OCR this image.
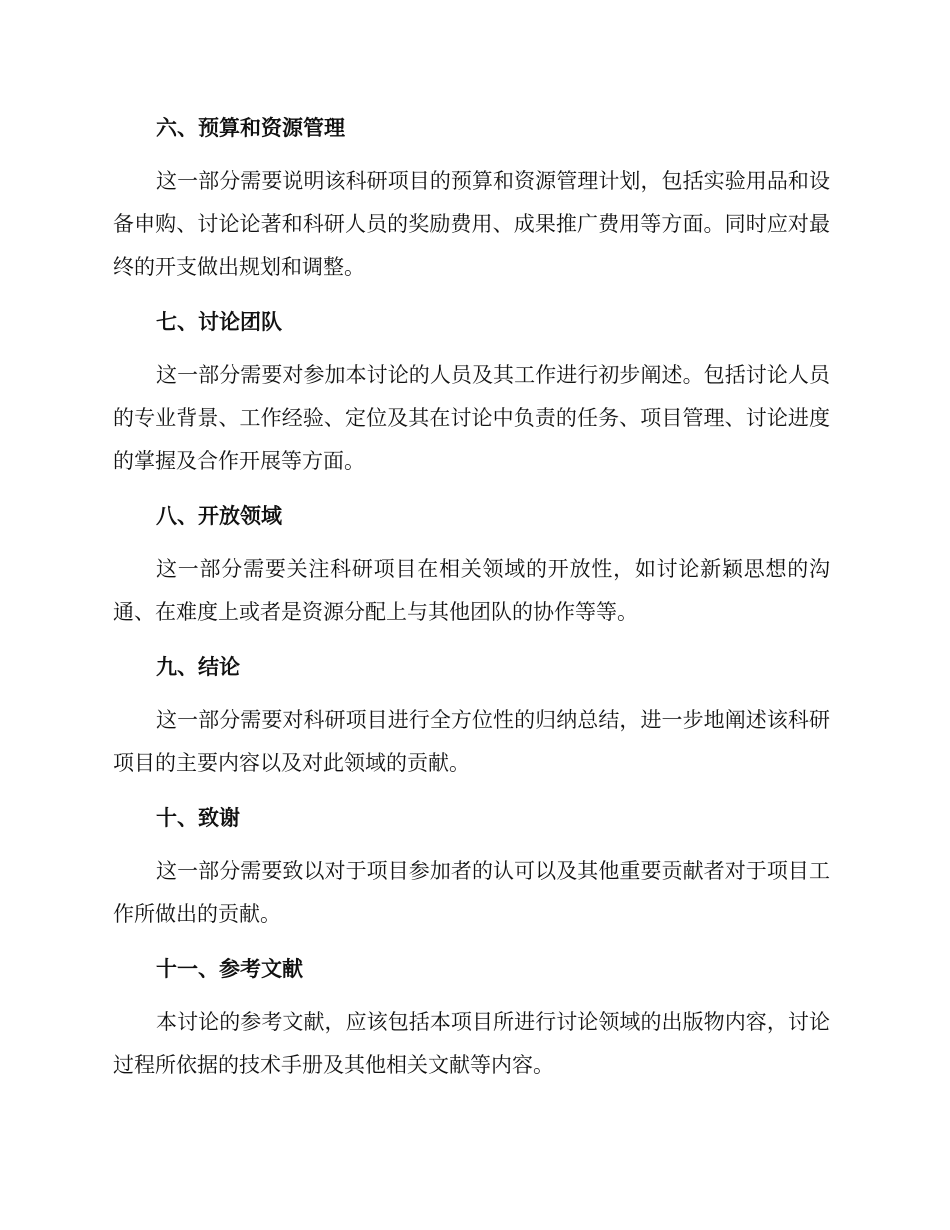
六、预算和资源管理

这一部分需要说明该科研项目的预算和资源管理计划，包括实验用品和设备申购、讨论论著和科研人员的奖励费用、成果推广费用等方面。同时应对最终的开支做出规划和调整。

七、讨论团队

这一部分需要对参加本讨论的人员及其工作进行初步阐述。包括讨论人员的专业背景、工作经验、定位及其在讨论中负责的任务、项目管理、讨论进度的掌握及合作开展等方面。

八、开放领域

这一部分需要关注科研项目在相关领域的开放性，如讨论新颖思想的沟通、在难度上或者是资源分配上与其他团队的协作等等。

九、结论

这一部分需要对科研项目进行全方位性的归纳总结，进一步地阐述该科研项目的主要内容以及对此领域的贡献。

十、致谢

这一部分需要致以对于项目参加者的认可以及其他重要贡献者对于项目工作所做出的贡献。

十一、参考文献

本讨论的参考文献，应该包括本项目所进行讨论领域的出版物内容，讨论过程所依据的技术手册及其他相关文献等内容。
